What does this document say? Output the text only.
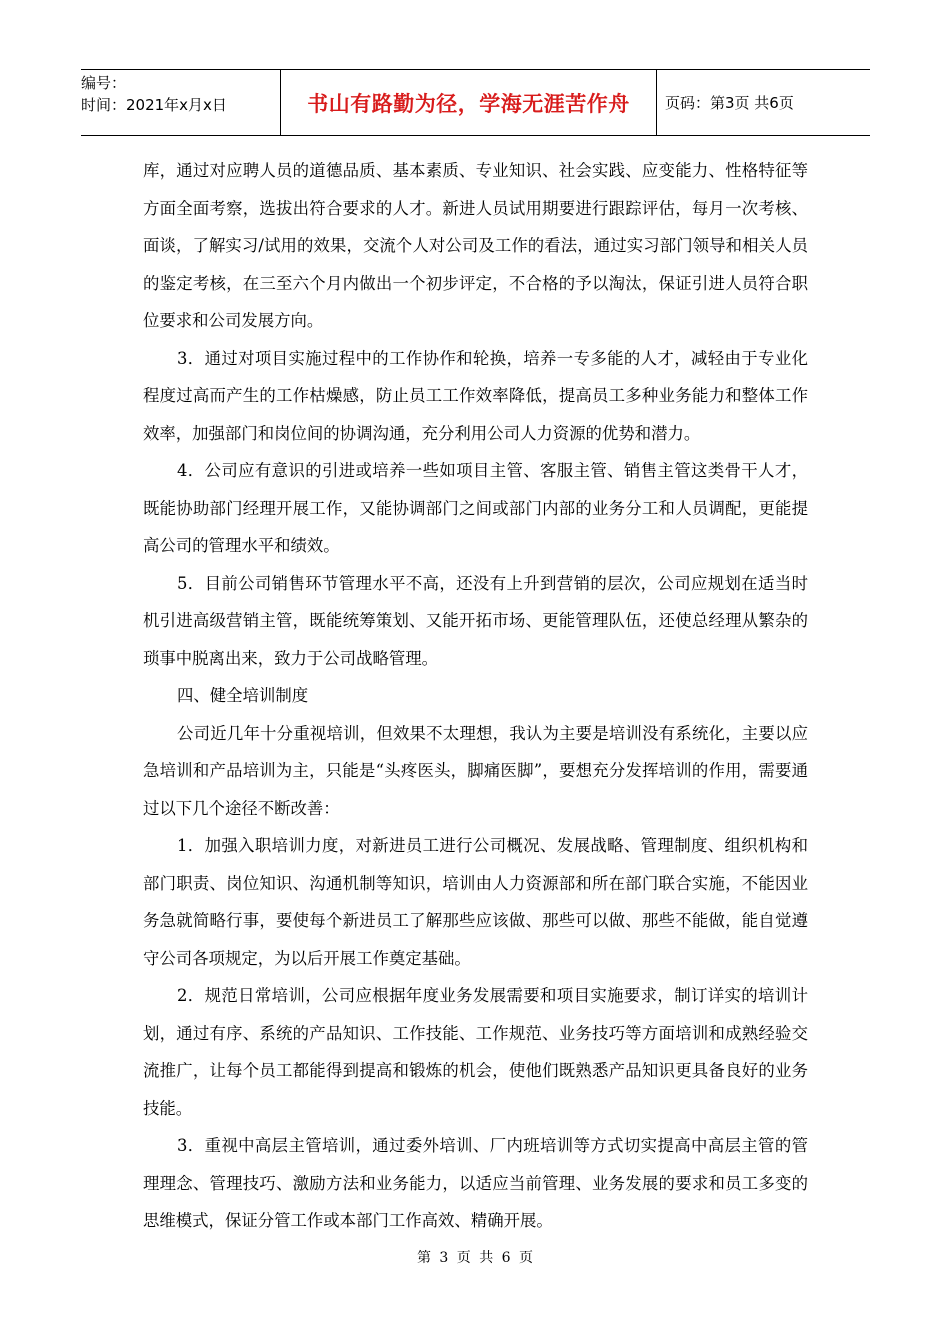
编号：
时间：2021年x月x日	书山有路勤为径，学海无涯苦作舟 页码：第3页 共6页

库，通过对应聘人员的道德品质、基本素质、专业知识、社会实践、应变能力、性格特征等方面全面考察，选拔出符合要求的人才。新进人员试用期要进行跟踪评估，每月一次考核、面谈，了解实习/试用的效果，交流个人对公司及工作的看法，通过实习部门领导和相关人员的鉴定考核，在三至六个月内做出一个初步评定，不合格的予以淘汰，保证引进人员符合职位要求和公司发展方向。

3．通过对项目实施过程中的工作协作和轮换，培养一专多能的人才，减轻由于专业化程度过高而产生的工作枯燥感，防止员工工作效率降低，提高员工多种业务能力和整体工作效率，加强部门和岗位间的协调沟通，充分利用公司人力资源的优势和潜力。

4．公司应有意识的引进或培养一些如项目主管、客服主管、销售主管这类骨干人才，既能协助部门经理开展工作，又能协调部门之间或部门内部的业务分工和人员调配，更能提高公司的管理水平和绩效。

5．目前公司销售环节管理水平不高，还没有上升到营销的层次，公司应规划在适当时机引进高级营销主管，既能统筹策划、又能开拓市场、更能管理队伍，还使总经理从繁杂的琐事中脱离出来，致力于公司战略管理。

四、健全培训制度

公司近几年十分重视培训，但效果不太理想，我认为主要是培训没有系统化，主要以应急培训和产品培训为主，只能是“头疼医头，脚痛医脚”，要想充分发挥培训的作用，需要通过以下几个途径不断改善：

1．加强入职培训力度，对新进员工进行公司概况、发展战略、管理制度、组织机构和部门职责、岗位知识、沟通机制等知识，培训由人力资源部和所在部门联合实施，不能因业务急就简略行事，要使每个新进员工了解那些应该做、那些可以做、那些不能做，能自觉遵守公司各项规定，为以后开展工作奠定基础。

2．规范日常培训，公司应根据年度业务发展需要和项目实施要求，制订详实的培训计划，通过有序、系统的产品知识、工作技能、工作规范、业务技巧等方面培训和成熟经验交流推广，让每个员工都能得到提高和锻炼的机会，使他们既熟悉产品知识更具备良好的业务技能。

3．重视中高层主管培训，通过委外培训、厂内班培训等方式切实提高中高层主管的管理理念、管理技巧、激励方法和业务能力，以适应当前管理、业务发展的要求和员工多变的思维模式，保证分管工作或本部门工作高效、精确开展。

第 3 页 共 6 页
